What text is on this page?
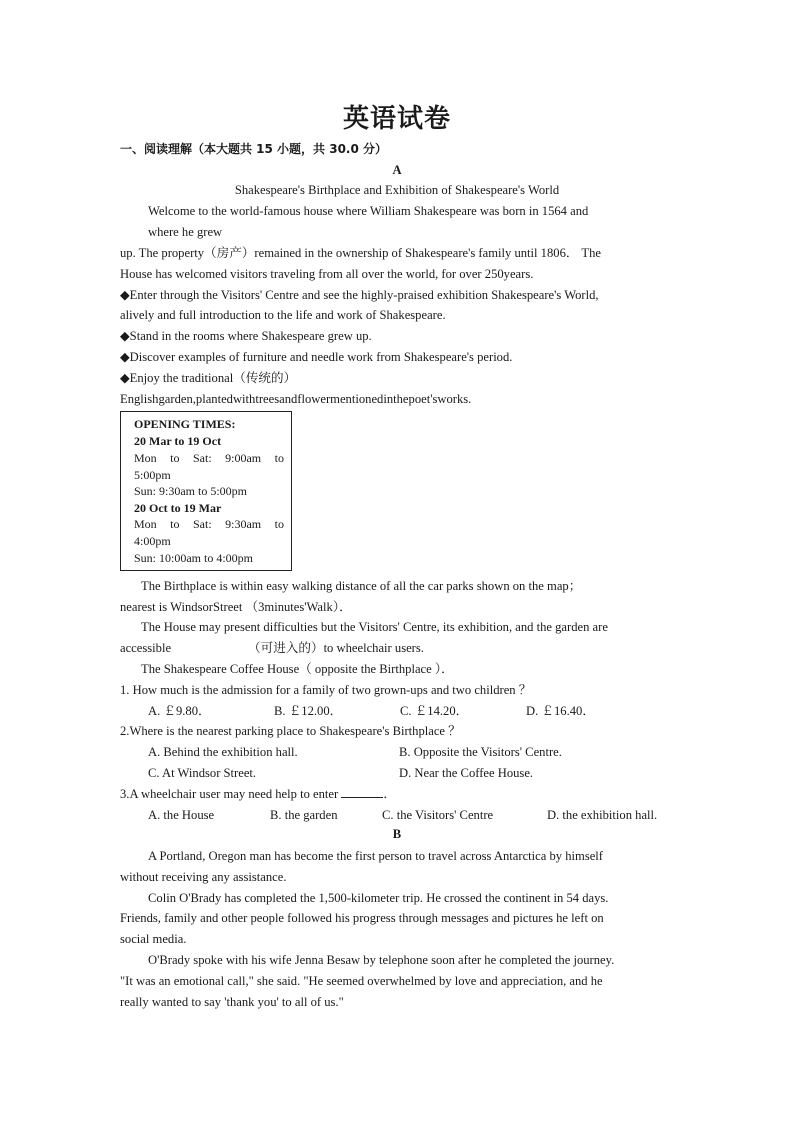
英语试卷
一、阅读理解（本大题共 15 小题，共 30.0 分）
A
Shakespeare's Birthplace and Exhibition of Shakespeare's World
Welcome to the world-famous house where William Shakespeare was born in 1564 and
where he grew
up. The property（房产）remained in the ownership of Shakespeare's family until 1806． The
House has welcomed visitors traveling from all over the world, for over 250years.
◆Enter through the Visitors' Centre and see the highly-praised exhibition Shakespeare's World,
alively and full introduction to the life and work of Shakespeare.
◆Stand in the rooms where Shakespeare grew up.
◆Discover examples of furniture and needle work from Shakespeare's period.
◆Enjoy the traditional（传统的）
Englishgarden,plantedwithtreesandflowermentionedinthepoet'sworks.
OPENING TIMES:
20 Mar to 19 Oct
Mon to Sat: 9:00am to
5:00pm
Sun: 9:30am to 5:00pm
20 Oct to 19 Mar
Mon to Sat: 9:30am to
4:00pm
Sun: 10:00am to 4:00pm
The Birthplace is within easy walking distance of all the car parks shown on the map；
nearest is WindsorStreet （3minutes'Walk）．
The House may present difficulties but the Visitors' Centre, its exhibition, and the garden are
accessible	（可进入的）to wheelchair users.
The Shakespeare Coffee House（ opposite the Birthplace ）．
1. How much is the admission for a family of two grown-ups and two children ？
A. ￡9.80．	B. ￡12.00．	C. ￡14.20．	D. ￡16.40．
2.Where is the nearest parking place to Shakespeare's Birthplace ？
A. Behind the exhibition hall.	B. Opposite the Visitors' Centre.
C. At Windsor Street.	D. Near the Coffee House.
3.A wheelchair user may need help to enter	．
A. the House	B. the garden	C. the Visitors' Centre	D. the exhibition hall.
B
A Portland, Oregon man has become the first person to travel across Antarctica by himself
without receiving any assistance.
Colin O'Brady has completed the 1,500-kilometer trip. He crossed the continent in 54 days.
Friends, family and other people followed his progress through messages and pictures he left on
social media.
O'Brady spoke with his wife Jenna Besaw by telephone soon after he completed the journey.
"It was an emotional call," she said. "He seemed overwhelmed by love and appreciation, and he
really wanted to say 'thank you' to all of us."
